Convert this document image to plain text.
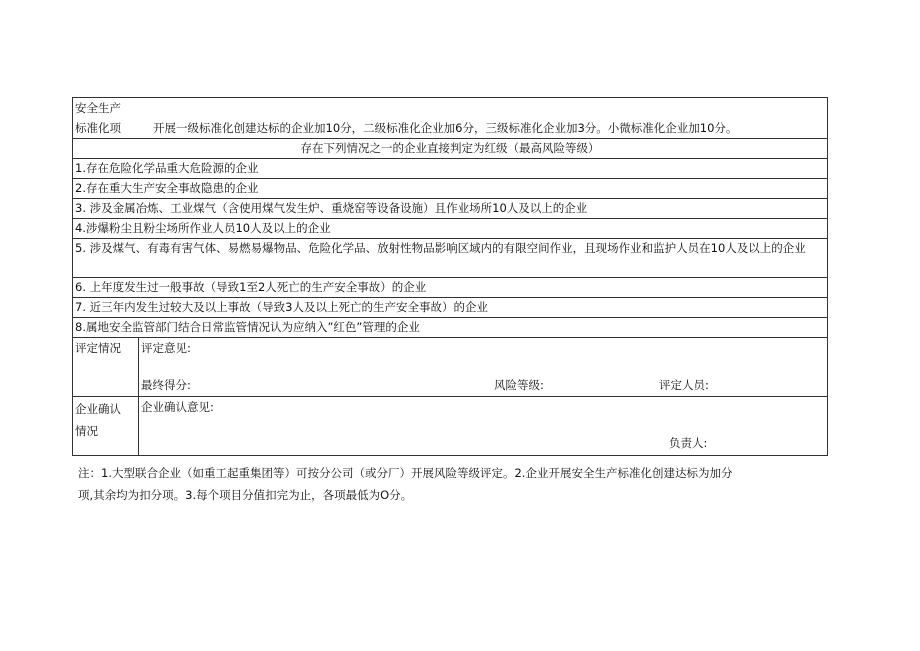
安全生产
标准化项 开展一级标准化创建达标的企业加10分，二级标准化企业加6分，三级标准化企业加3分。小微标准化企业加10分。	

存在下列情况之一的企业直接判定为红级（最高风险等级）	
1.存在危险化学品重大危险源的企业	
2.存在重大生产安全事故隐患的企业	
3. 涉及金属冶炼、工业煤气（含使用煤气发生炉、重烧窑等设备设施）且作业场所10人及以上的企业	
4.涉爆粉尘且粉尘场所作业人员10人及以上的企业	
5. 涉及煤气、有毒有害气体、易燃易爆物品、危险化学品、放射性物品影响区域内的有限空间作业，且现场作业和监护人员在10人及以上的企业	
6. 上年度发生过一般事故（导致1至2人死亡的生产安全事故）的企业	
7. 近三年内发生过较大及以上事故（导致3人及以上死亡的生产安全事故）的企业	
8.属地安全监管部门结合日常监管情况认为应纳入”红色”管理的企业	
评定情况	评定意见:
最终得分: 风险等级: 评定人员:

企业确认
情况	企业确认意见:
负责人:
注：1.大型联合企业（如重工起重集团等）可按分公司（或分厂）开展风险等级评定。2.企业开展安全生产标准化创建达标为加分
项,其余均为扣分项。3.每个项目分值扣完为止，各项最低为O分。
